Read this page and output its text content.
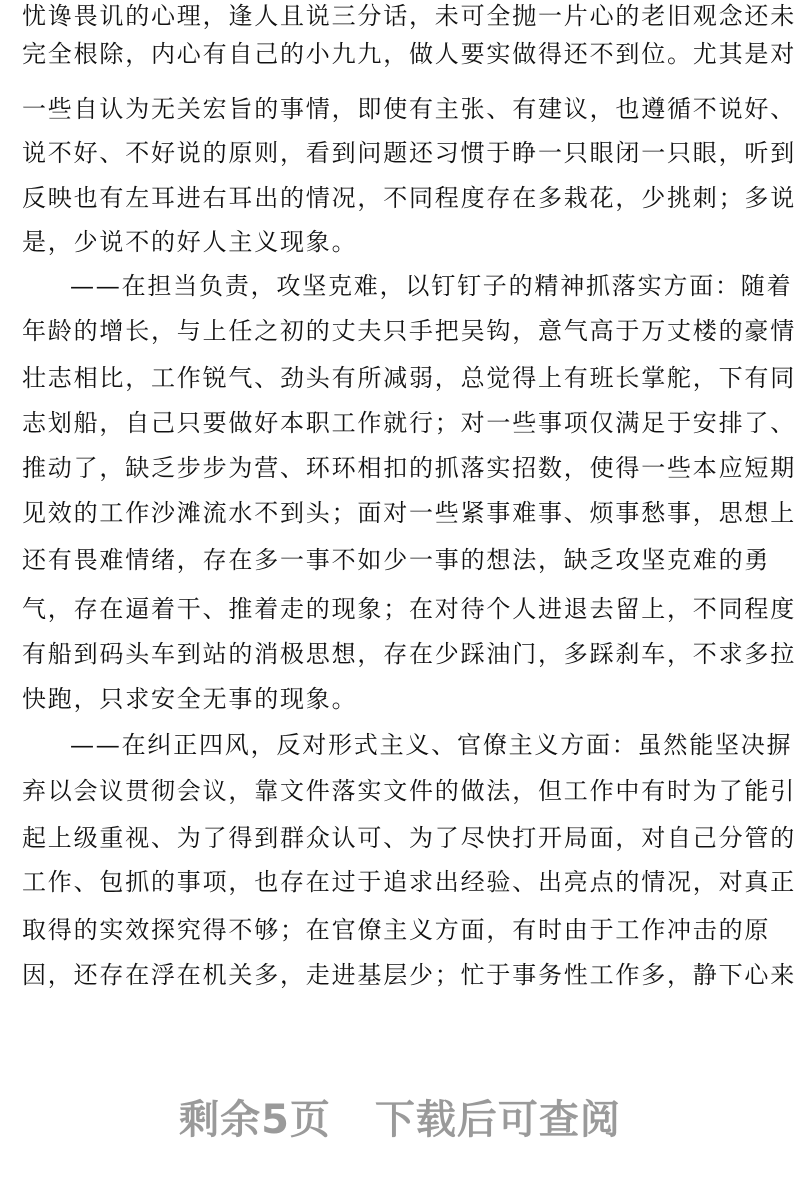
忧谗畏讥的心理，逢人且说三分话，未可全抛一片心的老旧观念还未
完全根除，内心有自己的小九九，做人要实做得还不到位。尤其是对
一些自认为无关宏旨的事情，即使有主张、有建议，也遵循不说好、
说不好、不好说的原则，看到问题还习惯于睁一只眼闭一只眼，听到
反映也有左耳进右耳出的情况，不同程度存在多栽花，少挑刺；多说
是，少说不的好人主义现象。
——在担当负责，攻坚克难，以钉钉子的精神抓落实方面：随着
年龄的增长，与上任之初的丈夫只手把吴钩，意气高于万丈楼的豪情
壮志相比，工作锐气、劲头有所减弱，总觉得上有班长掌舵，下有同
志划船，自己只要做好本职工作就行；对一些事项仅满足于安排了、
推动了，缺乏步步为营、环环相扣的抓落实招数，使得一些本应短期
见效的工作沙滩流水不到头；面对一些紧事难事、烦事愁事，思想上
还有畏难情绪，存在多一事不如少一事的想法，缺乏攻坚克难的勇
气，存在逼着干、推着走的现象；在对待个人进退去留上，不同程度
有船到码头车到站的消极思想，存在少踩油门，多踩刹车，不求多拉
快跑，只求安全无事的现象。
——在纠正四风，反对形式主义、官僚主义方面：虽然能坚决摒
弃以会议贯彻会议，靠文件落实文件的做法，但工作中有时为了能引
起上级重视、为了得到群众认可、为了尽快打开局面，对自己分管的
工作、包抓的事项，也存在过于追求出经验、出亮点的情况，对真正
取得的实效探究得不够；在官僚主义方面，有时由于工作冲击的原
因，还存在浮在机关多，走进基层少；忙于事务性工作多，静下心来
剩余5页 下载后可查阅
